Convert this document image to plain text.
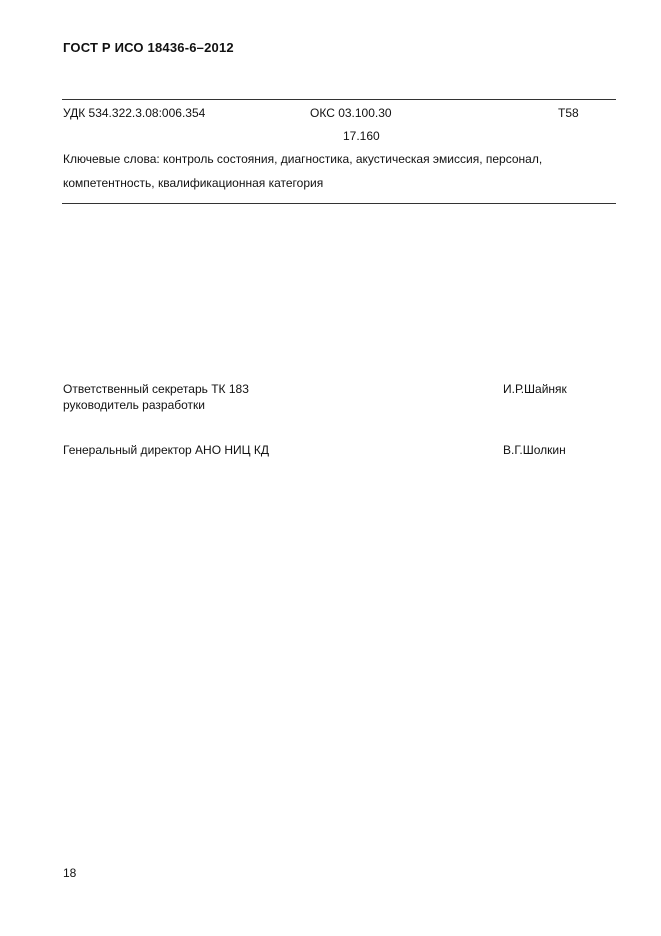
ГОСТ Р ИСО 18436-6–2012
УДК 534.322.3.08:006.354	ОКС 03.100.30
17.160
Т58
Ключевые слова: контроль состояния, диагностика, акустическая эмиссия, персонал,
компетентность, квалификационная категория
Ответственный секретарь ТК 183
руководитель разработки
И.Р.Шайняк
Генеральный директор АНО НИЦ КД	В.Г.Шолкин
18
